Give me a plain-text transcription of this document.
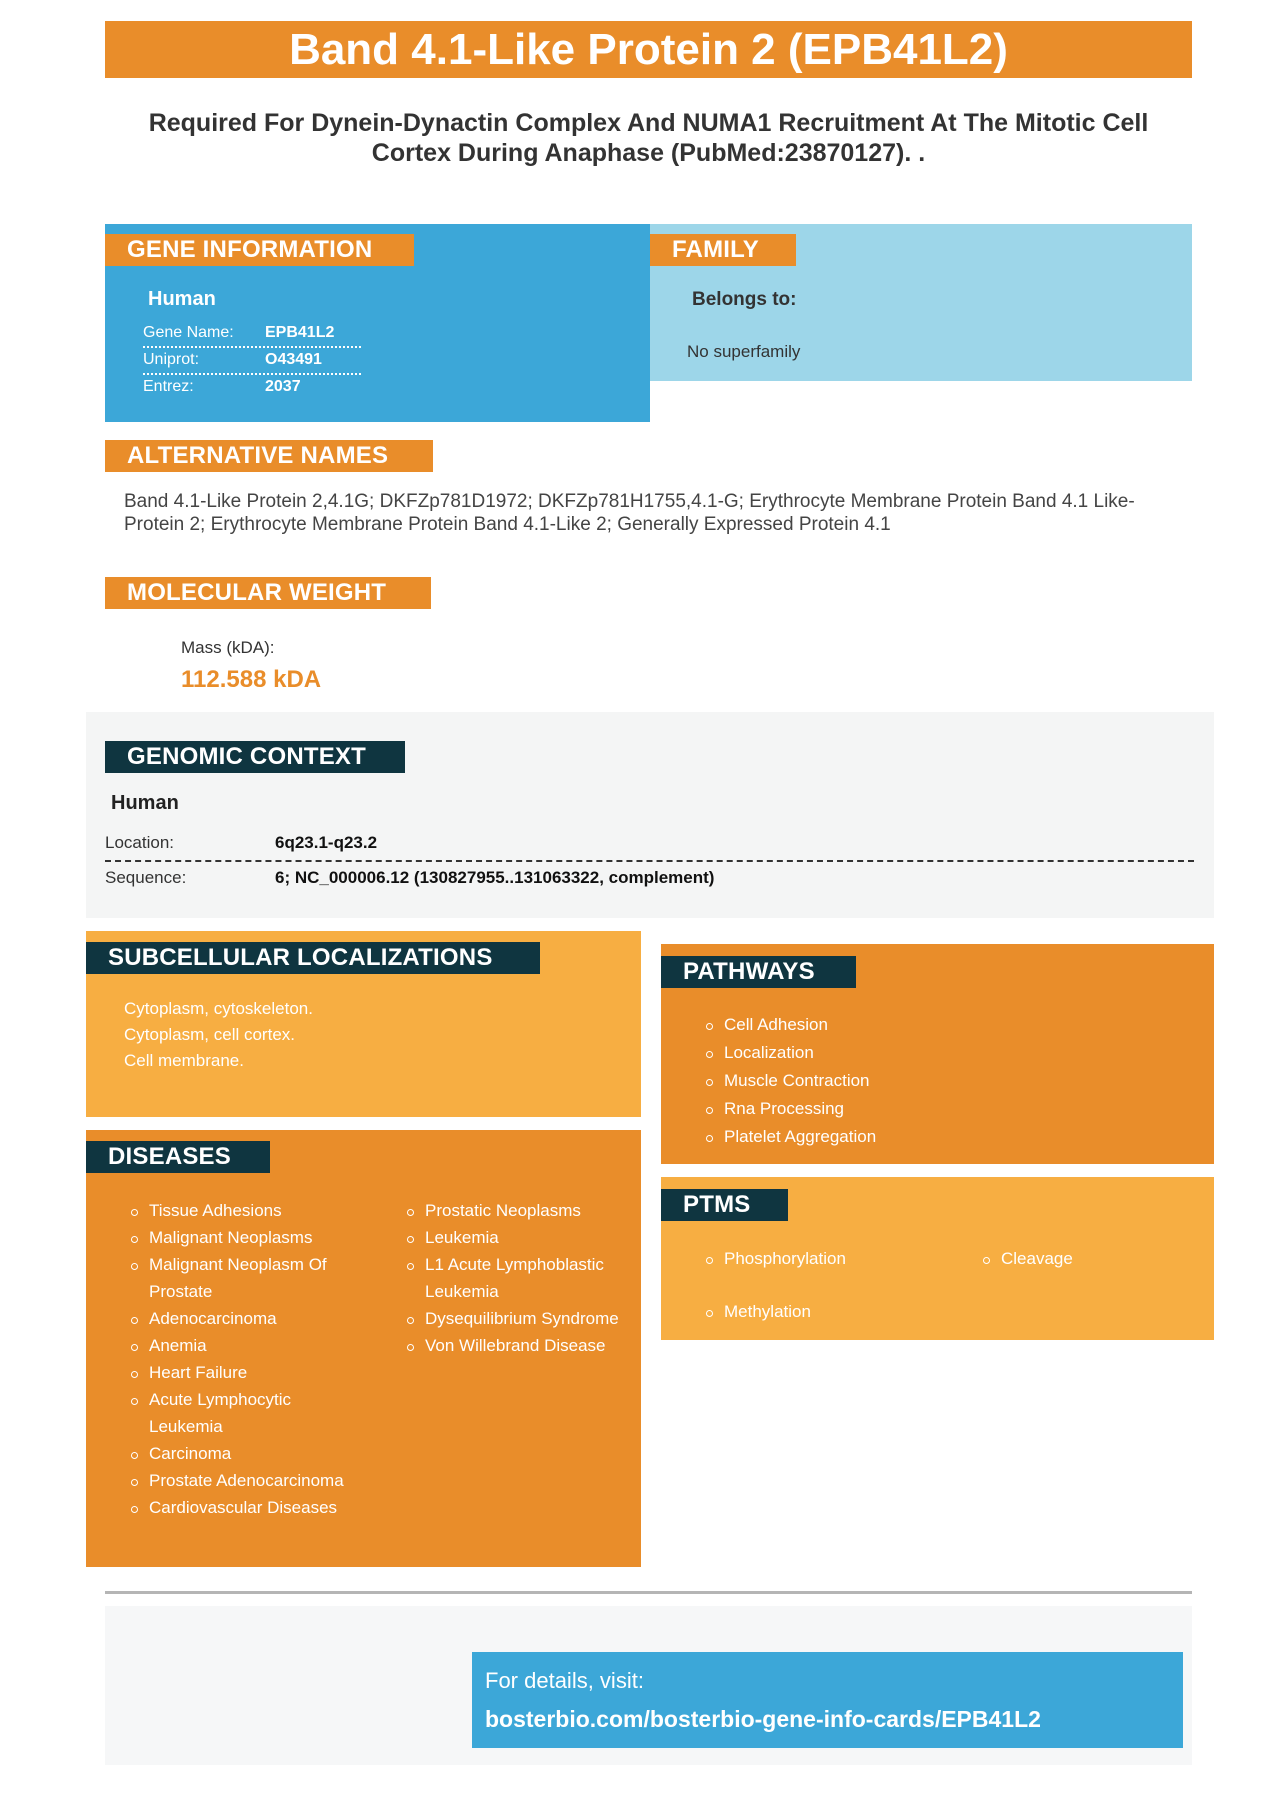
Band 4.1-Like Protein 2 (EPB41L2)
Required For Dynein-Dynactin Complex And NUMA1 Recruitment At The Mitotic Cell Cortex During Anaphase (PubMed:23870127). .
GENE INFORMATION
Human
Gene Name: EPB41L2
Uniprot:	O43491
Entrez:	2037
FAMILY
Belongs to:
No superfamily
ALTERNATIVE NAMES
Band 4.1-Like Protein 2,4.1G; DKFZp781D1972; DKFZp781H1755,4.1-G; Erythrocyte Membrane Protein Band 4.1 Like-Protein 2; Erythrocyte Membrane Protein Band 4.1-Like 2; Generally Expressed Protein 4.1
MOLECULAR WEIGHT
Mass (kDA):
112.588 kDA
GENOMIC CONTEXT
Human
Location:	6q23.1-q23.2
Sequence:	6; NC_000006.12 (130827955..131063322, complement)
SUBCELLULAR LOCALIZATIONS
Cytoplasm, cytoskeleton.
Cytoplasm, cell cortex.
Cell membrane.
DISEASES
Tissue Adhesions
Malignant Neoplasms
Malignant Neoplasm Of Prostate
Adenocarcinoma
Anemia
Heart Failure
Acute Lymphocytic Leukemia
Carcinoma
Prostate Adenocarcinoma
Cardiovascular Diseases
Prostatic Neoplasms
Leukemia
L1 Acute Lymphoblastic Leukemia
Dysequilibrium Syndrome
Von Willebrand Disease
PATHWAYS
Cell Adhesion
Localization
Muscle Contraction
Rna Processing
Platelet Aggregation
PTMS
Phosphorylation
Methylation
Cleavage
For details, visit:
bosterbio.com/bosterbio-gene-info-cards/EPB41L2
